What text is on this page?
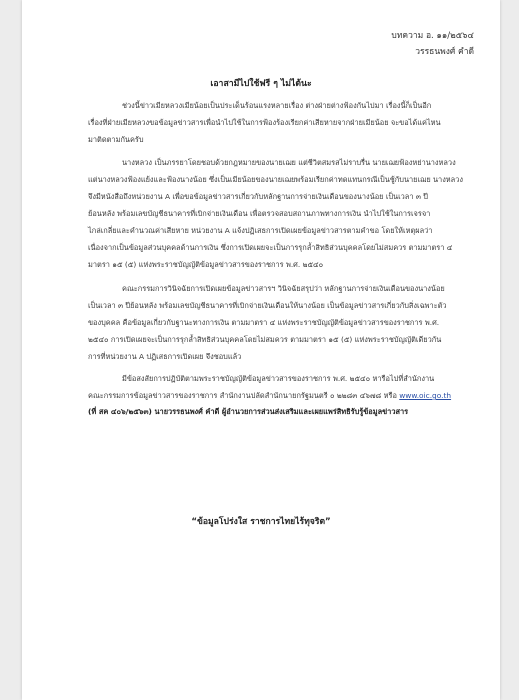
บทความ อ. ๑๑/๒๕๖๔
วรรธนพงศ์ คำดี
เอาสามีไปใช้ฟรี ๆ ไม่ได้นะ
ช่วงนี้ข่าวเมียหลวงเมียน้อยเป็นประเด็นร้อนแรงหลายเรื่อง ต่างฝ่ายต่างฟ้องกันไปมา เรื่องนี้ก็เป็นอีก
เรื่องที่ฝ่ายเมียหลวงขอข้อมูลข่าวสารเพื่อนำไปใช้ในการฟ้องร้องเรียกค่าเสียหายจากฝ่ายเมียน้อย จะขอได้แค่ไหน
มาติดตามกันครับ
นางหลวง เป็นภรรยาโดยชอบด้วยกฎหมายของนายเฌย แต่ชีวิตสมรสไม่ราบรื่น นายเฌยฟ้องหย่านางหลวง
แต่นางหลวงฟ้องแย้งและฟ้องนางน้อย ซึ่งเป็นเมียน้อยของนายเฌยพร้อมเรียกค่าทดแทนกรณีเป็นชู้กับนายเฌย นางหลวง
จึงมีหนังสือถึงหน่วยงาน A เพื่อขอข้อมูลข่าวสารเกี่ยวกับหลักฐานการจ่ายเงินเดือนของนางน้อย เป็นเวลา ๓ ปี
ย้อนหลัง พร้อมเลขบัญชีธนาคารที่เบิกจ่ายเงินเดือน เพื่อตรวจสอบสถานภาพทางการเงิน นำไปใช้ในการเจรจา
ไกล่เกลี่ยและคำนวณค่าเสียหาย หน่วยงาน A แจ้งปฏิเสธการเปิดเผยข้อมูลข่าวสารตามคำขอ โดยให้เหตุผลว่า
เนื่องจากเป็นข้อมูลส่วนบุคคลด้านการเงิน ซึ่งการเปิดเผยจะเป็นการรุกล้ำสิทธิส่วนบุคคลโดยไม่สมควร ตามมาตรา ๔
มาตรา ๑๕ (๕) แห่งพระราชบัญญัติข้อมูลข่าวสารของราชการ พ.ศ. ๒๕๔๐
คณะกรรมการวินิจฉัยการเปิดเผยข้อมูลข่าวสารฯ วินิจฉัยสรุปว่า หลักฐานการจ่ายเงินเดือนของนางน้อย
เป็นเวลา ๓ ปีย้อนหลัง พร้อมเลขบัญชีธนาคารที่เบิกจ่ายเงินเดือนให้นางน้อย เป็นข้อมูลข่าวสารเกี่ยวกับสิ่งเฉพาะตัว
ของบุคคล คือข้อมูลเกี่ยวกับฐานะทางการเงิน ตามมาตรา ๔ แห่งพระราชบัญญัติข้อมูลข่าวสารของราชการ พ.ศ.
๒๕๔๐ การเปิดเผยจะเป็นการรุกล้ำสิทธิส่วนบุคคลโดยไม่สมควร ตามมาตรา ๑๕ (๕) แห่งพระราชบัญญัติเดียวกัน
การที่หน่วยงาน A ปฏิเสธการเปิดเผย จึงชอบแล้ว
มีข้อสงสัยการปฏิบัติตามพระราชบัญญัติข้อมูลข่าวสารของราชการ พ.ศ. ๒๕๔๐ หารือไปที่สำนักงาน
คณะกรรมการข้อมูลข่าวสารของราชการ สำนักงานปลัดสำนักนายกรัฐมนตรี ๐ ๒๒๘๓ ๔๖๗๘ หรือ www.oic.go.th
(ที่ สค ๔๐๖/๒๕๖๓) นายวรรธนพงศ์ คำดี ผู้อำนวยการส่วนส่งเสริมและเผยแพร่สิทธิรับรู้ข้อมูลข่าวสาร
“ข้อมูลโปร่งใส ราชการไทยไร้ทุจริต”
